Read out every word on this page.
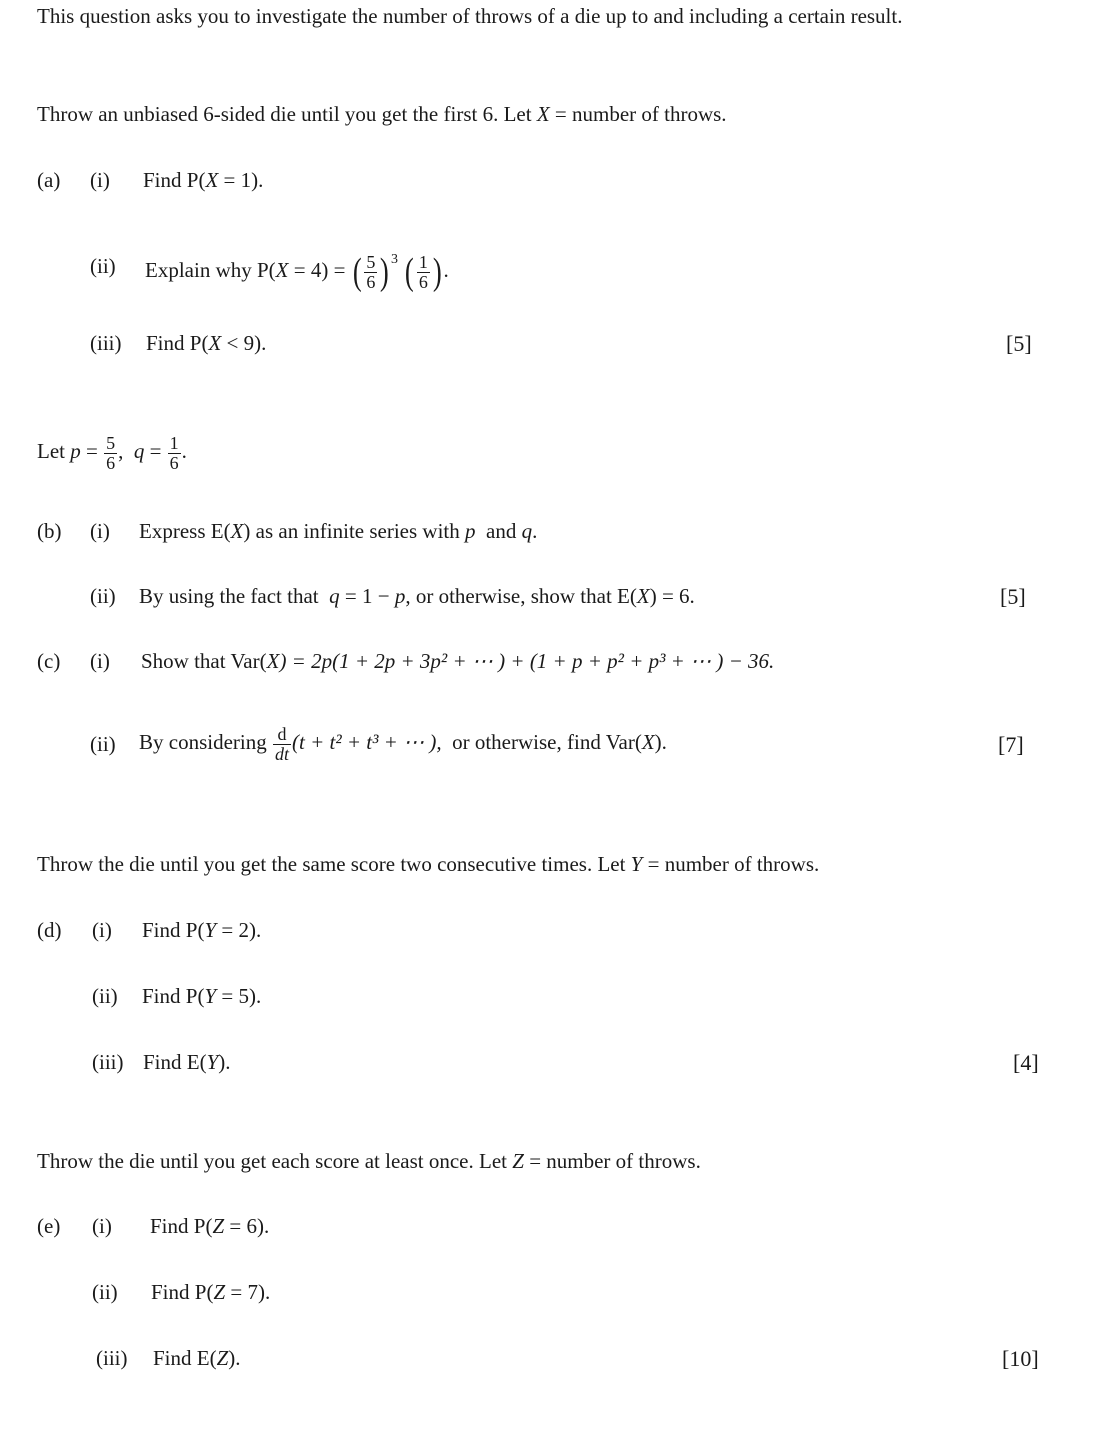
This question asks you to investigate the number of throws of a die up to and including a certain result.
Throw an unbiased 6-sided die until you get the first 6. Let X = number of throws.
(a) (i) Find P(X = 1).
(ii) Explain why P(X = 4) = ( $\frac{5}{6}$ ) $^3$ ( $\frac{1}{6}$ ).
(iii) Find P(X < 9).	[5]
Let $p = \frac{5}{6}$ , $q = \frac{1}{6}$ .
(b) (i) Express E(X) as an infinite series with p and q.
(ii) By using the fact that q = 1 − p, or otherwise, show that E(X) = 6.	[5]
(c) (i) Show that Var(X) = 2p(1 + 2p + 3p² + ⋯ ) + (1 + p + p² + p³ + ⋯ ) − 36.
(ii) By considering $\frac{d}{dt} (t + t^2 + t^3$ + ⋯ ), or otherwise, find Var(X).	[7]
Throw the die until you get the same score two consecutive times. Let Y = number of throws.
(d) (i) Find P(Y = 2).
(ii) Find P(Y = 5).
(iii) Find E(Y).	[4]
Throw the die until you get each score at least once. Let Z = number of throws.
(e) (i) Find P(Z = 6).
(ii) Find P(Z = 7).
(iii) Find E(Z).	[10]
